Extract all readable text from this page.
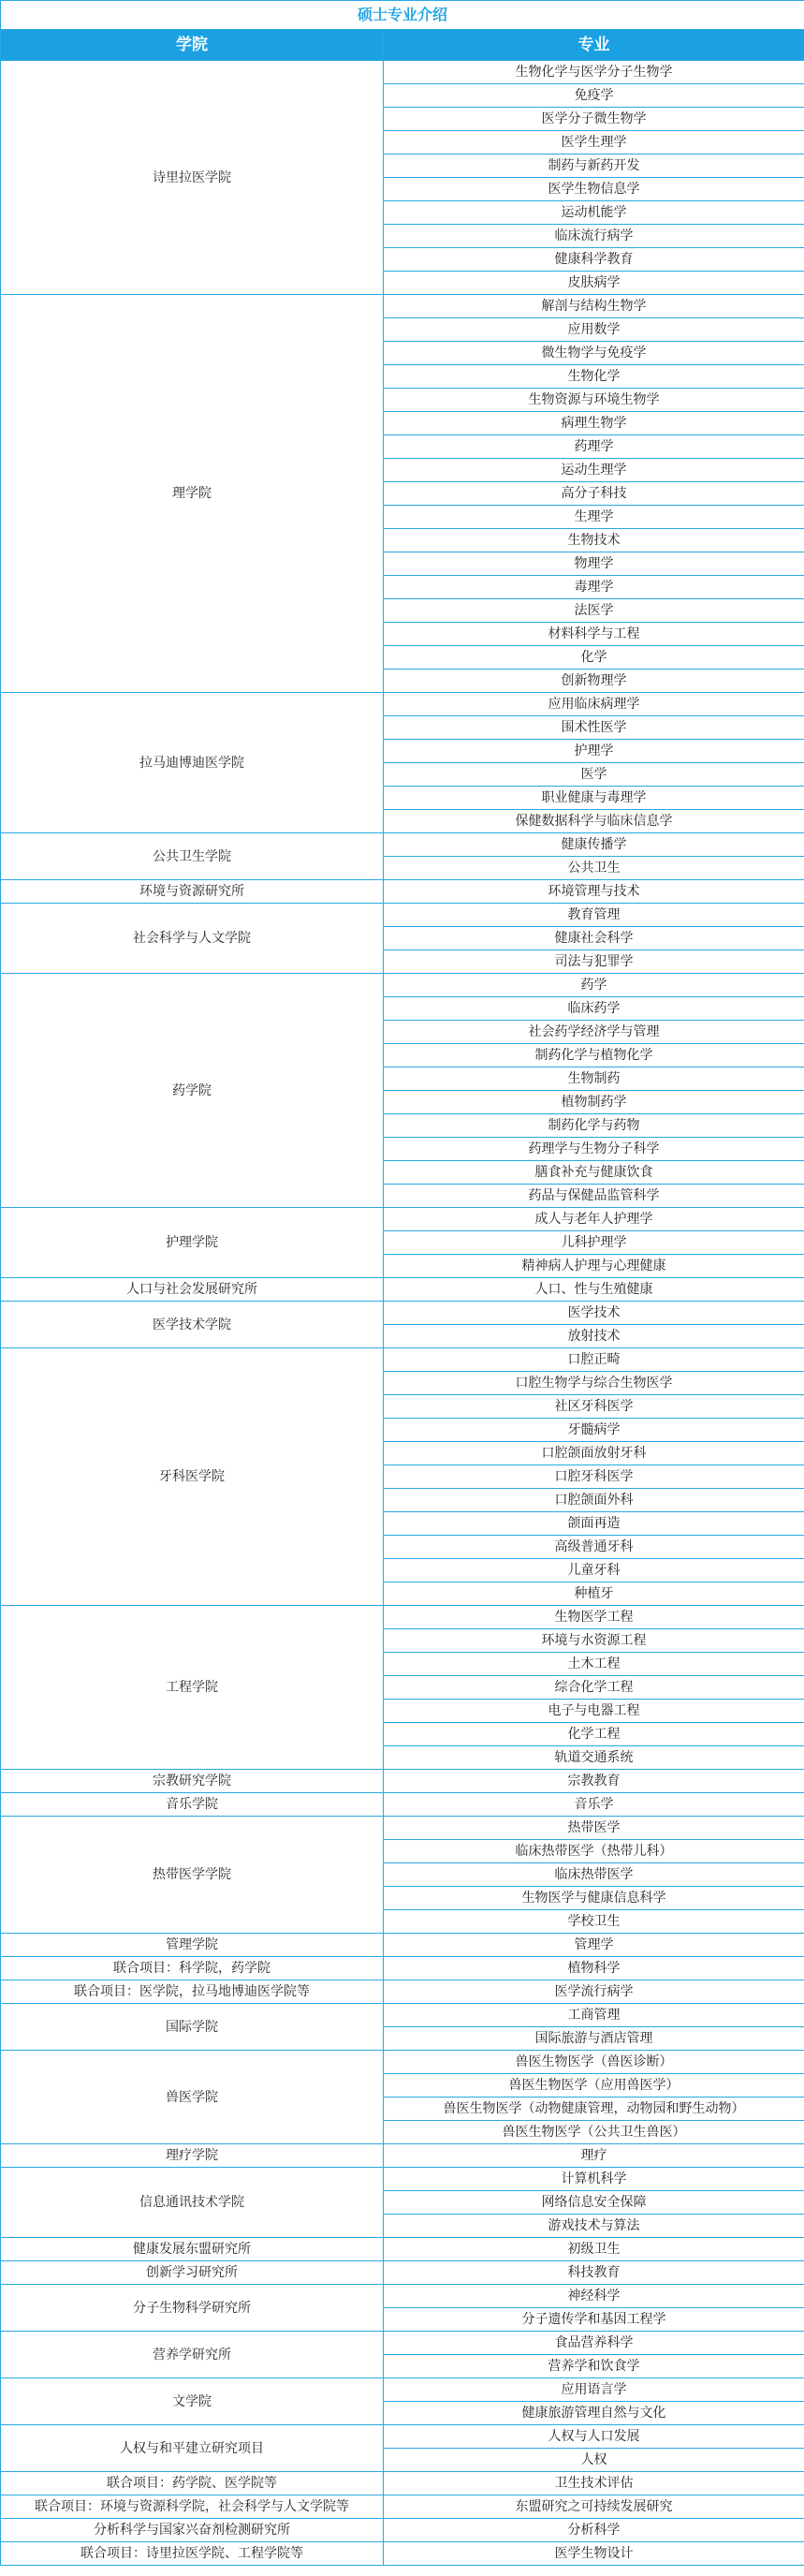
硕士专业介绍	
学院	专业
诗里拉医学院	生物化学与医学分子生物学
	免疫学
	医学分子微生物学
	医学生理学
	制药与新药开发
	医学生物信息学
	运动机能学
	临床流行病学
	健康科学教育
	皮肤病学
理学院	解剖与结构生物学
	应用数学
	微生物学与免疫学
	生物化学
	生物资源与环境生物学
	病理生物学
	药理学
	运动生理学
	高分子科技
	生理学
	生物技术
	物理学
	毒理学
	法医学
	材料科学与工程
	化学
	创新物理学
拉马迪博迪医学院	应用临床病理学
	围术性医学
	护理学
	医学
	职业健康与毒理学
	保健数据科学与临床信息学
公共卫生学院	健康传播学
	公共卫生
环境与资源研究所	环境管理与技术
社会科学与人文学院	教育管理
	健康社会科学
	司法与犯罪学
药学院	药学
	临床药学
	社会药学经济学与管理
	制药化学与植物化学
	生物制药
	植物制药学
	制药化学与药物
	药理学与生物分子科学
	膳食补充与健康饮食
	药品与保健品监管科学
护理学院	成人与老年人护理学
	儿科护理学
	精神病人护理与心理健康
人口与社会发展研究所	人口、性与生殖健康
医学技术学院	医学技术
	放射技术
牙科医学院	口腔正畸
	口腔生物学与综合生物医学
	社区牙科医学
	牙髓病学
	口腔颌面放射牙科
	口腔牙科医学
	口腔颌面外科
	颌面再造
	高级普通牙科
	儿童牙科
	种植牙
工程学院	生物医学工程
	环境与水资源工程
	土木工程
	综合化学工程
	电子与电器工程
	化学工程
	轨道交通系统
宗教研究学院	宗教教育
音乐学院	音乐学
热带医学学院	热带医学
	临床热带医学（热带儿科）
	临床热带医学
	生物医学与健康信息科学
	学校卫生
管理学院	管理学
联合项目：科学院，药学院	植物科学
联合项目：医学院，拉马地博迪医学院等	医学流行病学
国际学院	工商管理
	国际旅游与酒店管理
兽医学院	兽医生物医学（兽医诊断）
	兽医生物医学（应用兽医学）
	兽医生物医学（动物健康管理，动物园和野生动物）
	兽医生物医学（公共卫生兽医）
理疗学院	理疗
信息通讯技术学院	计算机科学
	网络信息安全保障
	游戏技术与算法
健康发展东盟研究所	初级卫生
创新学习研究所	科技教育
分子生物科学研究所	神经科学
	分子遗传学和基因工程学
营养学研究所	食品营养科学
	营养学和饮食学
文学院	应用语言学
	健康旅游管理自然与文化
人权与和平建立研究项目	人权与人口发展
	人权
联合项目：药学院、医学院等	卫生技术评估
联合项目：环境与资源科学院，社会科学与人文学院等	东盟研究之可持续发展研究
分析科学与国家兴奋剂检测研究所	分析科学
联合项目：诗里拉医学院、工程学院等	医学生物设计
